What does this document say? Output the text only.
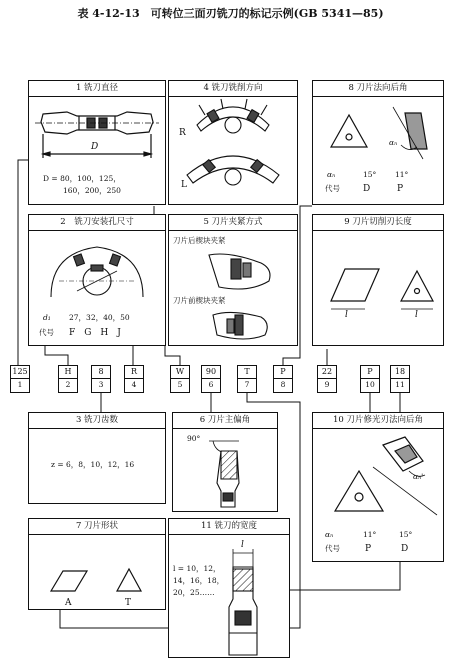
表 4-12-13　可转位三面刃铣刀的标记示例(GB 5341—85)
1 铣刀直径
D
D = 80，100，125，
160，200，250
4 铣刀铣削方向
R
L
8 刀片法向后角
αₙ
αₙ	15° 11°
代号	D	P
2　铣刀安装孔尺寸
d₁ 27，32，40，50
代号 F　G　H　J
5 刀片夹紧方式
刀片后楔块夹紧
刀片前楔块夹紧
9 刀片切削刃长度
l	l
125
1
H
2
8
3
R
4
W
5
90
6
T
7
P
8
22
9
P
10
18
11
3 铣刀齿数
z = 6，8，10，12，16
6 刀片主偏角
90°
10 刀片修光刃法向后角
αₙ'
αₙ	11°	15°
代号	P	D
7 刀片形状
A	T
11 铣刀的宽度
l = 10，12，
14，16，18，
20，25……
l
